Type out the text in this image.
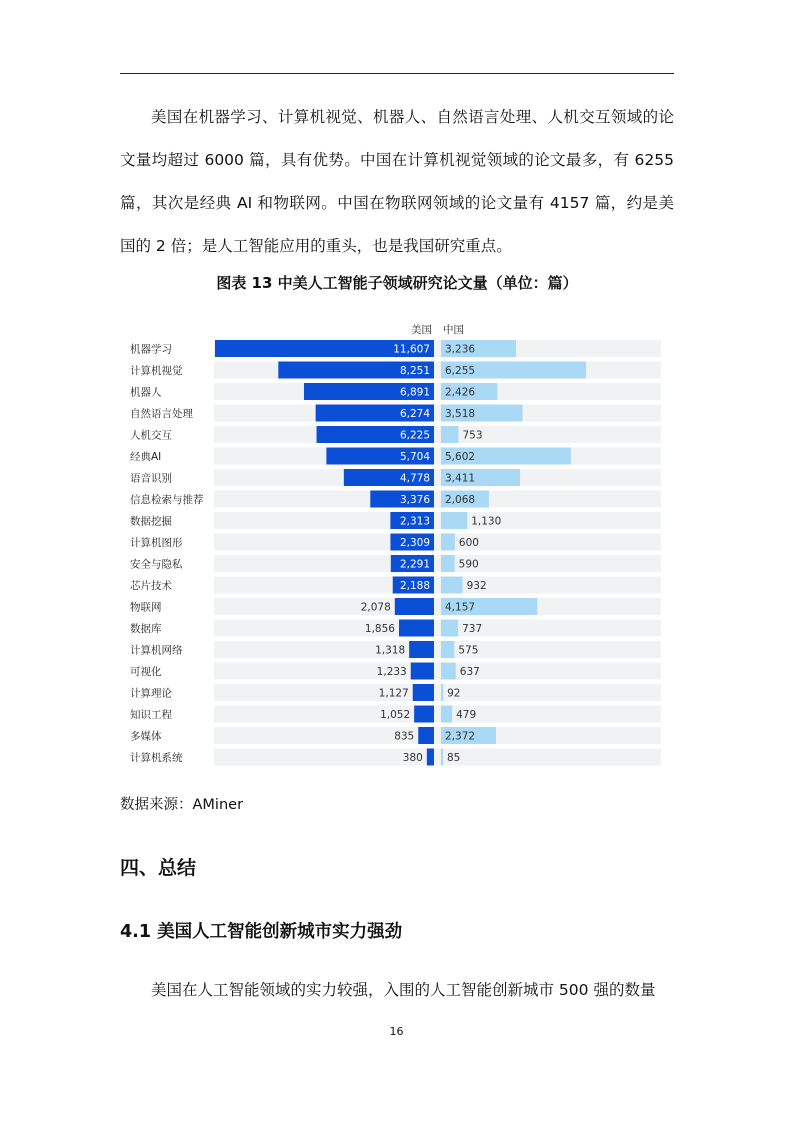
美国在机器学习、计算机视觉、机器人、自然语言处理、人机交互领域的论文量均超过 6000 篇，具有优势。中国在计算机视觉领域的论文最多，有 6255 篇，其次是经典 AI 和物联网。中国在物联网领域的论文量有 4157 篇，约是美国的 2 倍；是人工智能应用的重头，也是我国研究重点。

图表 13 中美人工智能子领域研究论文量（单位：篇）

美国 中国
机器学习	11,607 3,236
计算机视觉	8,251 6,255
机器人	6,891 2,426
自然语言处理	6,274 3,518
人机交互	6,225	753
经典AI	5,704 5,602
语音识别	4,778 3,411
信息检索与推荐	3,376 2,068
数据挖掘	2,313	1,130
计算机图形	2,309	600
安全与隐私	2,291	590
芯片技术	2,188	932
物联网	2,078	4,157
数据库	1,856	737
计算机网络	1,318	575
可视化	1,233	637
计算理论	1,127	92
知识工程	1,052	479
多媒体	835	2,372
计算机系统	380 85

数据来源：AMiner

四、总结

4.1 美国人工智能创新城市实力强劲

美国在人工智能领域的实力较强，入围的人工智能创新城市 500 强的数量

16
